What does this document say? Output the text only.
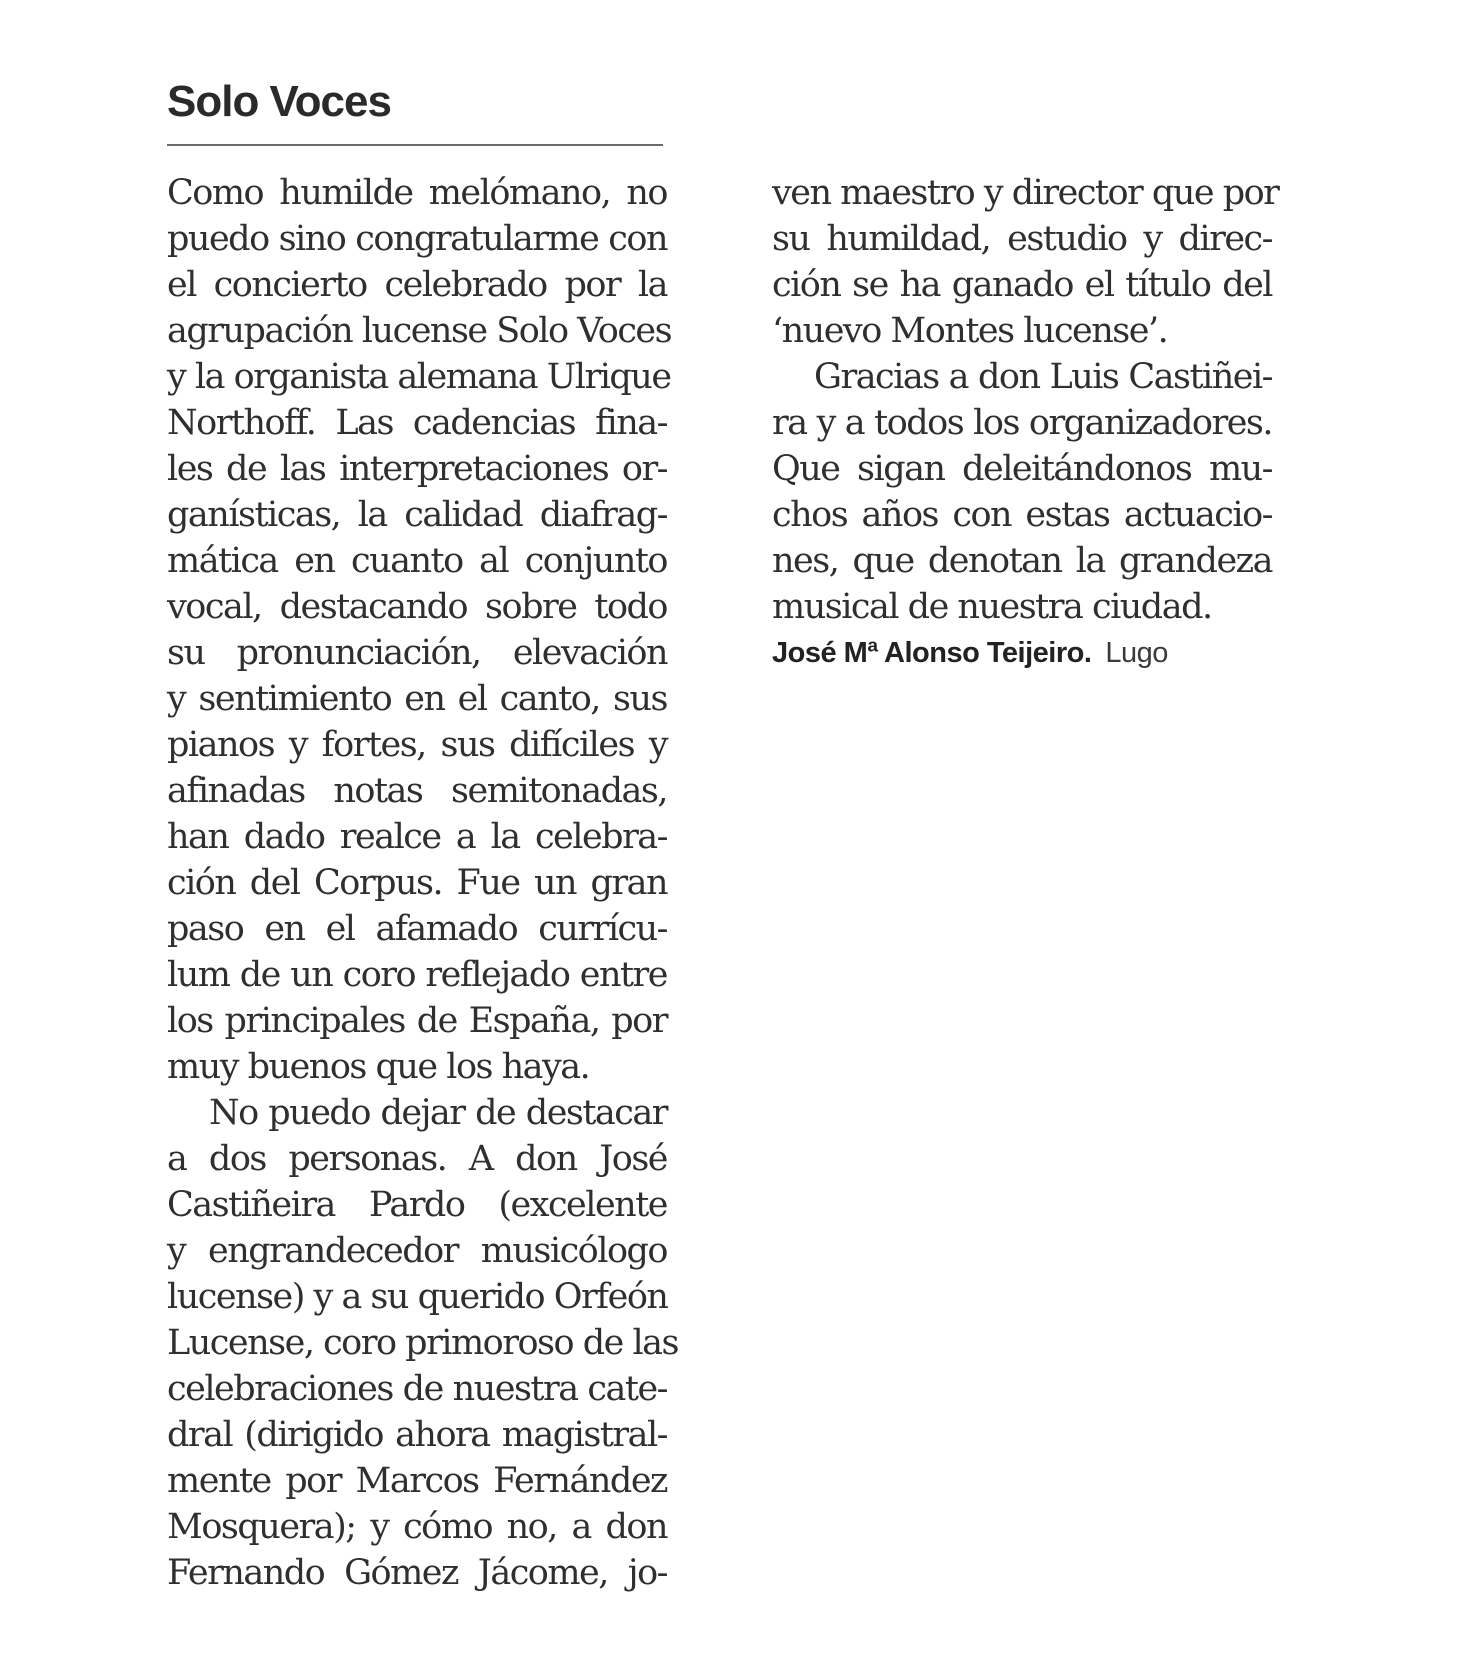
Solo Voces
Como humilde melómano, no
puedo sino congratularme con
el concierto celebrado por la
agrupación lucense Solo Voces
y la organista alemana Ulrique
Northoff. Las cadencias fina-
les de las interpretaciones or-
ganísticas, la calidad diafrag-
mática en cuanto al conjunto
vocal, destacando sobre todo
su pronunciación, elevación
y sentimiento en el canto, sus
pianos y fortes, sus difíciles y
afinadas notas semitonadas,
han dado realce a la celebra-
ción del Corpus. Fue un gran
paso en el afamado currícu-
lum de un coro reflejado entre
los principales de España, por
muy buenos que los haya.
No puedo dejar de destacar
a dos personas. A don José
Castiñeira Pardo (excelente
y engrandecedor musicólogo
lucense) y a su querido Orfeón
Lucense, coro primoroso de las
celebraciones de nuestra cate-
dral (dirigido ahora magistral-
mente por Marcos Fernández
Mosquera); y cómo no, a don
Fernando Gómez Jácome, jo-
ven maestro y director que por
su humildad, estudio y direc-
ción se ha ganado el título del
‘nuevo Montes lucense’.
Gracias a don Luis Castiñei-
ra y a todos los organizadores.
Que sigan deleitándonos mu-
chos años con estas actuacio-
nes, que denotan la grandeza
musical de nuestra ciudad.
José Mª Alonso Teijeiro. Lugo
